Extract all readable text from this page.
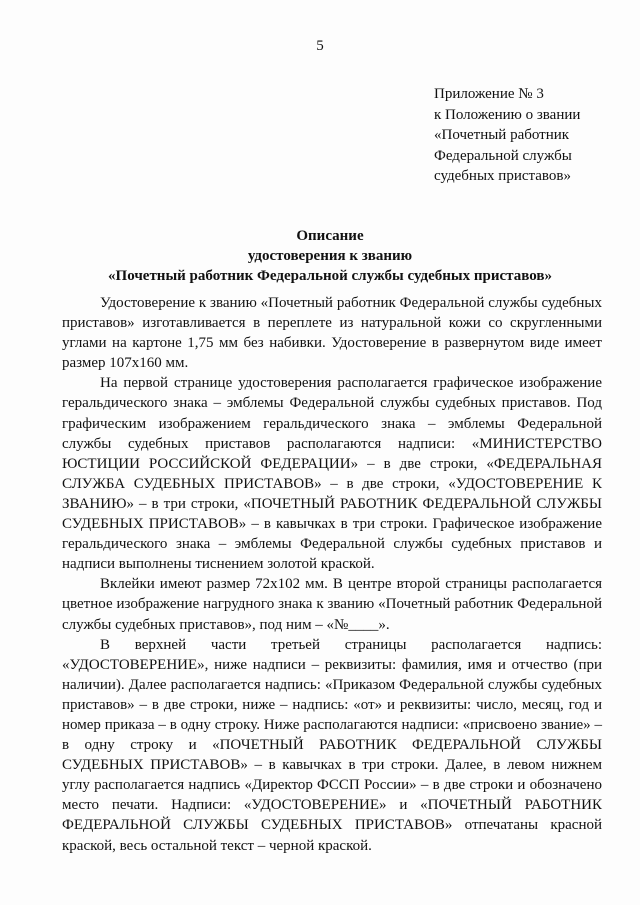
5
Приложение № 3
к Положению о звании
«Почетный работник
Федеральной службы
судебных приставов»
Описание
удостоверения к званию
«Почетный работник Федеральной службы судебных приставов»

Удостоверение к званию «Почетный работник Федеральной службы судебных приставов» изготавливается в переплете из натуральной кожи со скругленными углами на картоне 1,75 мм без набивки. Удостоверение в развернутом виде имеет размер 107х160 мм.

На первой странице удостоверения располагается графическое изображение геральдического знака – эмблемы Федеральной службы судебных приставов. Под графическим изображением геральдического знака – эмблемы Федеральной службы судебных приставов располагаются надписи: «МИНИСТЕРСТВО ЮСТИЦИИ РОССИЙСКОЙ ФЕДЕРАЦИИ» – в две строки, «ФЕДЕРАЛЬНАЯ СЛУЖБА СУДЕБНЫХ ПРИСТАВОВ» – в две строки, «УДОСТОВЕРЕНИЕ К ЗВАНИЮ» – в три строки, «ПОЧЕТНЫЙ РАБОТНИК ФЕДЕРАЛЬНОЙ СЛУЖБЫ СУДЕБНЫХ ПРИСТАВОВ» – в кавычках в три строки. Графическое изображение геральдического знака – эмблемы Федеральной службы судебных приставов и надписи выполнены тиснением золотой краской.

Вклейки имеют размер 72х102 мм. В центре второй страницы располагается цветное изображение нагрудного знака к званию «Почетный работник Федеральной службы судебных приставов», под ним – «№____».

В верхней части третьей страницы располагается надпись: «УДОСТОВЕРЕНИЕ», ниже надписи – реквизиты: фамилия, имя и отчество (при наличии). Далее располагается надпись: «Приказом Федеральной службы судебных приставов» – в две строки, ниже – надпись: «от» и реквизиты: число, месяц, год и номер приказа – в одну строку. Ниже располагаются надписи: «присвоено звание» – в одну строку и «ПОЧЕТНЫЙ РАБОТНИК ФЕДЕРАЛЬНОЙ СЛУЖБЫ СУДЕБНЫХ ПРИСТАВОВ» – в кавычках в три строки. Далее, в левом нижнем углу располагается надпись «Директор ФССП России» – в две строки и обозначено место печати. Надписи: «УДОСТОВЕРЕНИЕ» и «ПОЧЕТНЫЙ РАБОТНИК ФЕДЕРАЛЬНОЙ СЛУЖБЫ СУДЕБНЫХ ПРИСТАВОВ» отпечатаны красной краской, весь остальной текст – черной краской.
